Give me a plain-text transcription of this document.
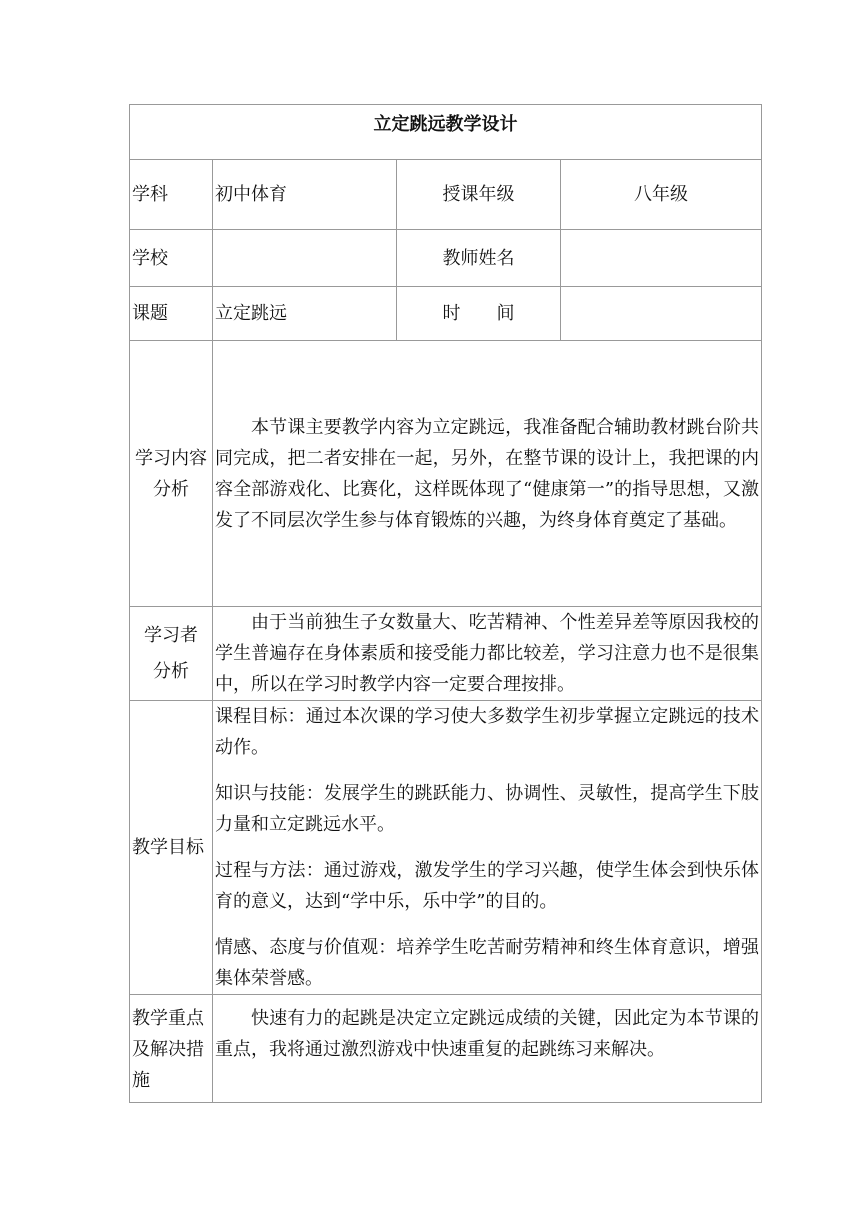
立定跳远教学设计			
学科	初中体育	授课年级	八年级
学校		教师姓名	
课题	立定跳远	时　　间	

学习内容
分析	本节课主要教学内容为立定跳远，我准备配合辅助教材跳台阶共同完成，把二者安排在一起，另外，在整节课的设计上，我把课的内容全部游戏化、比赛化，这样既体现了“健康第一”的指导思想，又激发了不同层次学生参与体育锻炼的兴趣，为终身体育奠定了基础。		

学习者
分析	由于当前独生子女数量大、吃苦精神、个性差异差等原因我校的学生普遍存在身体素质和接受能力都比较差，学习注意力也不是很集中，所以在学习时教学内容一定要合理按排。		

教学目标	课程目标：通过本次课的学习使大多数学生初步掌握立定跳远的技术动作。

知识与技能：发展学生的跳跃能力、协调性、灵敏性，提高学生下肢力量和立定跳远水平。

过程与方法：通过游戏，激发学生的学习兴趣，使学生体会到快乐体育的意义，达到“学中乐，乐中学”的目的。

情感、态度与价值观：培养学生吃苦耐劳精神和终生体育意识，增强集体荣誉感。		

教学重点及解决措施	快速有力的起跳是决定立定跳远成绩的关键，因此定为本节课的重点，我将通过激烈游戏中快速重复的起跳练习来解决。		
